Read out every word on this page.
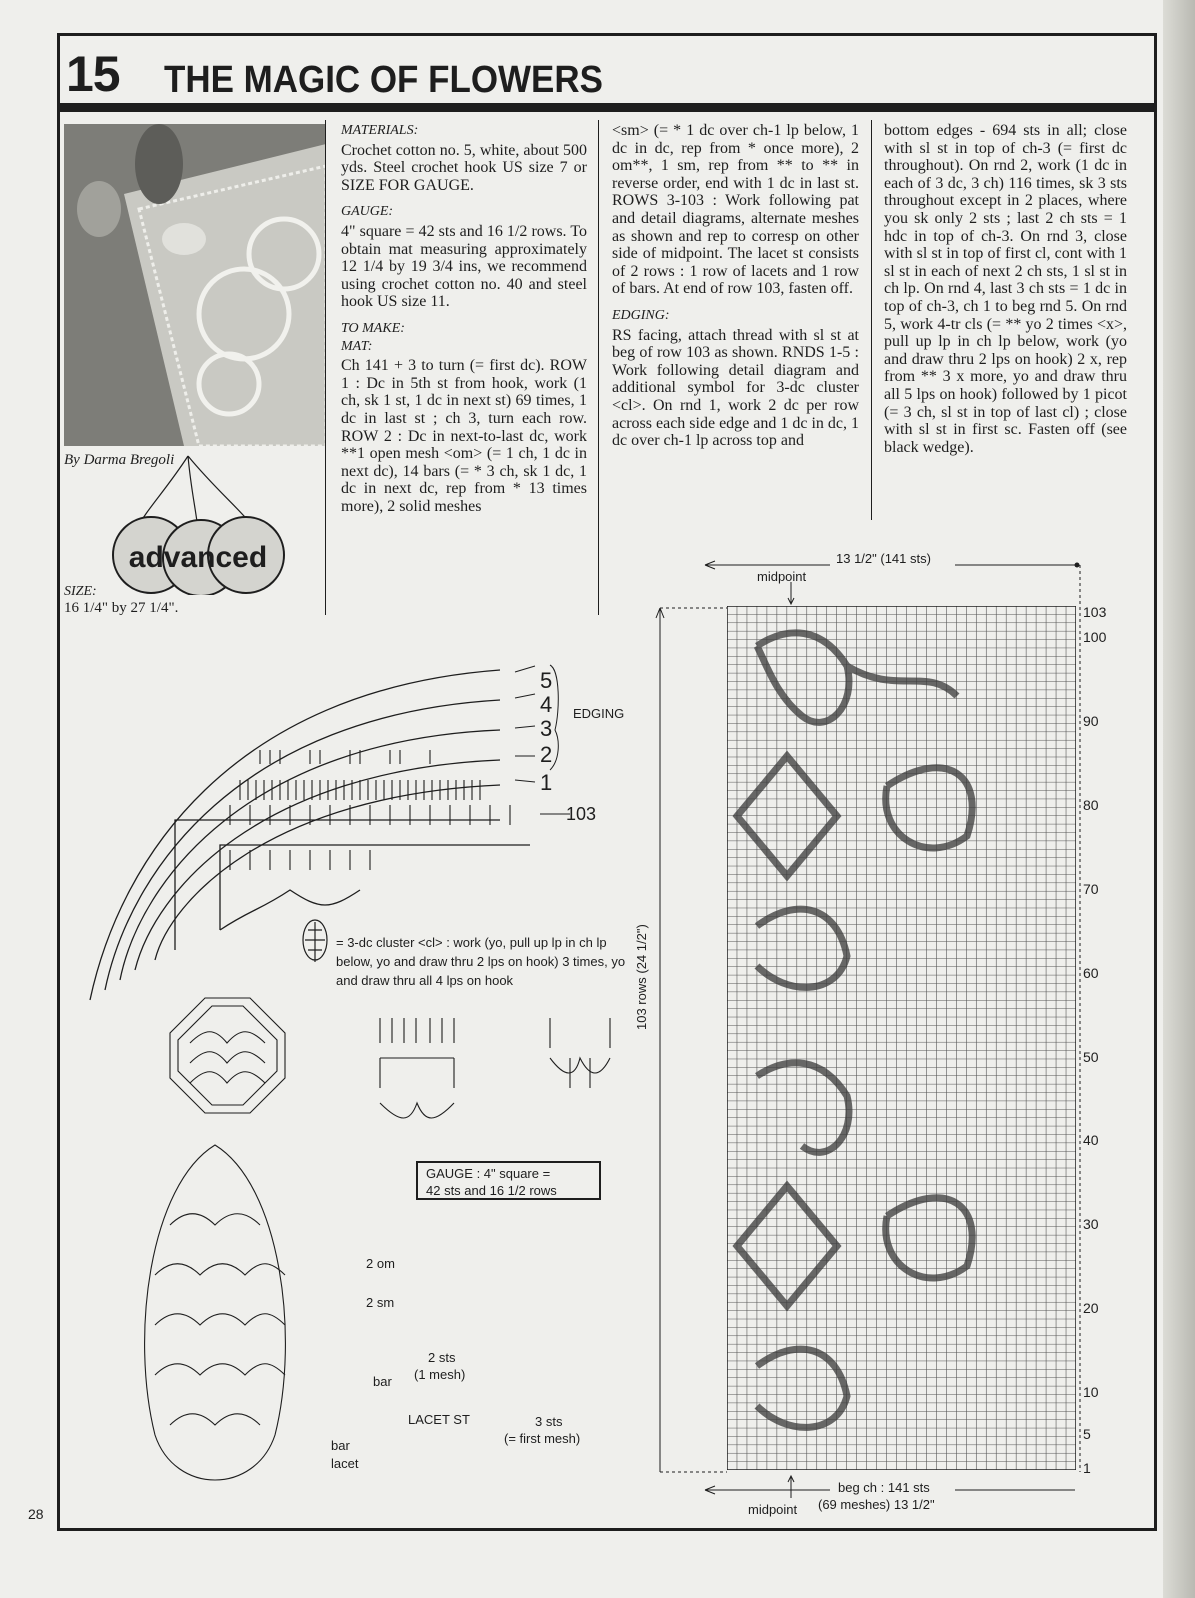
15 THE MAGIC OF FLOWERS
By Darma Bregoli
advanced
SIZE:
16 1/4" by 27 1/4".

MATERIALS:

Crochet cotton no. 5, white, about 500 yds. Steel crochet hook US size 7 or SIZE FOR GAUGE.

GAUGE:

4" square = 42 sts and 16 1/2 rows. To obtain mat measuring approximately 12 1/4 by 19 3/4 ins, we recommend using crochet cotton no. 40 and steel hook US size 11.

TO MAKE:

MAT:

Ch 141 + 3 to turn (= first dc). ROW 1 : Dc in 5th st from hook, work (1 ch, sk 1 st, 1 dc in next st) 69 times, 1 dc in last st ; ch 3, turn each row. ROW 2 : Dc in next-to-last dc, work **1 open mesh <om> (= 1 ch, 1 dc in next dc), 14 bars (= * 3 ch, sk 1 dc, 1 dc in next dc, rep from * 13 times more), 2 solid meshes

<sm> (= * 1 dc over ch-1 lp below, 1 dc in dc, rep from * once more), 2 om**, 1 sm, rep from ** to ** in reverse order, end with 1 dc in last st. ROWS 3-103 : Work following pat and detail diagrams, alternate meshes as shown and rep to corresp on other side of midpoint. The lacet st consists of 2 rows : 1 row of lacets and 1 row of bars. At end of row 103, fasten off.

EDGING:

RS facing, attach thread with sl st at beg of row 103 as shown. RNDS 1-5 : Work following detail diagram and additional symbol for 3-dc cluster <cl>. On rnd 1, work 2 dc per row across each side edge and 1 dc in dc, 1 dc over ch-1 lp across top and

bottom edges - 694 sts in all; close with sl st in top of ch-3 (= first dc throughout). On rnd 2, work (1 dc in each of 3 dc, 3 ch) 116 times, sk 3 sts throughout except in 2 places, where you sk only 2 sts ; last 2 ch sts = 1 hdc in top of ch-3. On rnd 3, close with sl st in top of first cl, cont with 1 sl st in each of next 2 ch sts, 1 sl st in ch lp. On rnd 4, last 3 ch sts = 1 dc in top of ch-3, ch 1 to beg rnd 5. On rnd 5, work 4-tr cls (= ** yo 2 times <x>, pull up lp in ch lp below, work (yo and draw thru 2 lps on hook) 2 x, rep from ** 3 x more, yo and draw thru all 5 lps on hook) followed by 1 picot (= 3 ch, sl st in top of last cl) ; close with sl st in first sc. Fasten off (see black wedge).

EDGING
5
4
3
2
1
103
= 3-dc cluster <cl> : work (yo, pull up lp in ch lp below, yo and draw thru 2 lps on hook) 3 times, yo and draw thru all 4 lps on hook
GAUGE : 4" square =
42 sts and 16 1/2 rows
2 om
2 sm
2 sts
(1 mesh)
bar
LACET ST	3 sts
(= first mesh)
bar
lacet
13 1/2" (141 sts)
midpoint
103 rows (24 1/2")
beg ch : 141 sts
(69 meshes) 13 1/2"
midpoint
103
100
90
80
70
60
50
40
30
20
10
5
1
28
